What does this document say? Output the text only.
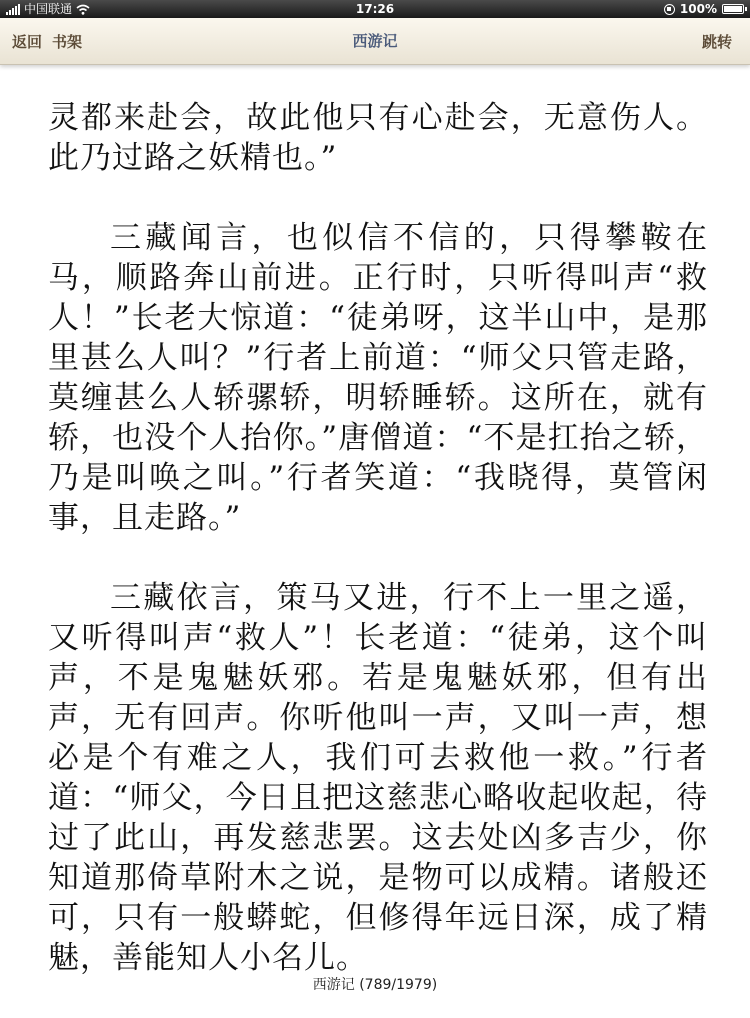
中国联通	17:26	100%
返回 书架	西游记	跳转

灵都来赴会，故此他只有心赴会，无意伤人。此乃过路之妖精也。”

三藏闻言，也似信不信的，只得攀鞍在马，顺路奔山前进。正行时，只听得叫声“救人！”长老大惊道：“徒弟呀，这半山中，是那里甚么人叫？”行者上前道：“师父只管走路，莫缠甚么人轿骡轿，明轿睡轿。这所在，就有轿，也没个人抬你。”唐僧道：“不是扛抬之轿，乃是叫唤之叫。”行者笑道：“我晓得，莫管闲事，且走路。”

三藏依言，策马又进，行不上一里之遥，又听得叫声“救人”！长老道：“徒弟，这个叫声，不是鬼魅妖邪。若是鬼魅妖邪，但有出声，无有回声。你听他叫一声，又叫一声，想必是个有难之人，我们可去救他一救。”行者道：“师父，今日且把这慈悲心略收起收起，待过了此山，再发慈悲罢。这去处凶多吉少，你知道那倚草附木之说，是物可以成精。诸般还可，只有一般蟒蛇，但修得年远日深，成了精魅，善能知人小名儿。

西游记 (789/1979)
